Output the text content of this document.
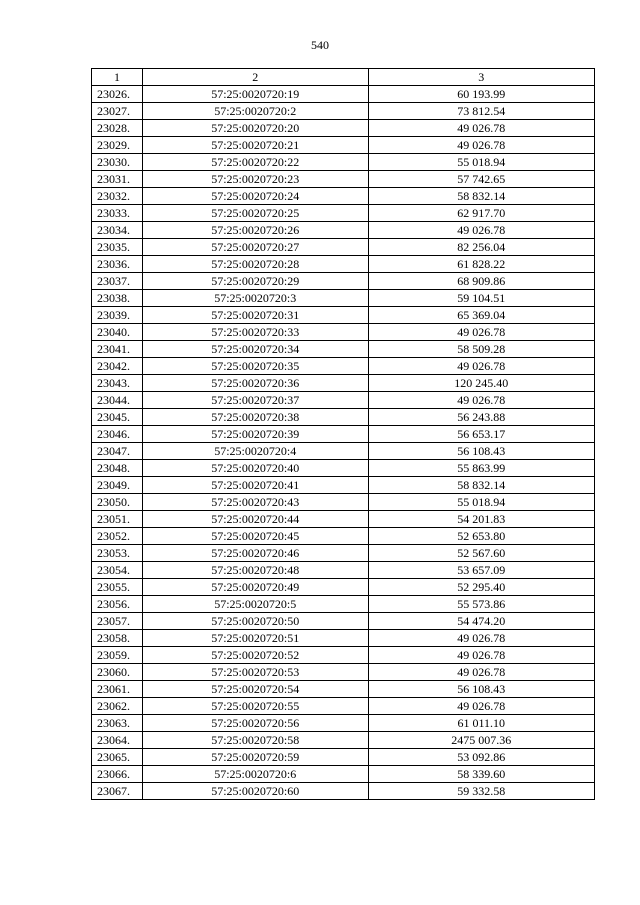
540
1	2	3
23026.	57:25:0020720:19	60 193.99
23027.	57:25:0020720:2	73 812.54
23028.	57:25:0020720:20	49 026.78
23029.	57:25:0020720:21	49 026.78
23030.	57:25:0020720:22	55 018.94
23031.	57:25:0020720:23	57 742.65
23032.	57:25:0020720:24	58 832.14
23033.	57:25:0020720:25	62 917.70
23034.	57:25:0020720:26	49 026.78
23035.	57:25:0020720:27	82 256.04
23036.	57:25:0020720:28	61 828.22
23037.	57:25:0020720:29	68 909.86
23038.	57:25:0020720:3	59 104.51
23039.	57:25:0020720:31	65 369.04
23040.	57:25:0020720:33	49 026.78
23041.	57:25:0020720:34	58 509.28
23042.	57:25:0020720:35	49 026.78
23043.	57:25:0020720:36	120 245.40
23044.	57:25:0020720:37	49 026.78
23045.	57:25:0020720:38	56 243.88
23046.	57:25:0020720:39	56 653.17
23047.	57:25:0020720:4	56 108.43
23048.	57:25:0020720:40	55 863.99
23049.	57:25:0020720:41	58 832.14
23050.	57:25:0020720:43	55 018.94
23051.	57:25:0020720:44	54 201.83
23052.	57:25:0020720:45	52 653.80
23053.	57:25:0020720:46	52 567.60
23054.	57:25:0020720:48	53 657.09
23055.	57:25:0020720:49	52 295.40
23056.	57:25:0020720:5	55 573.86
23057.	57:25:0020720:50	54 474.20
23058.	57:25:0020720:51	49 026.78
23059.	57:25:0020720:52	49 026.78
23060.	57:25:0020720:53	49 026.78
23061.	57:25:0020720:54	56 108.43
23062.	57:25:0020720:55	49 026.78
23063.	57:25:0020720:56	61 011.10
23064.	57:25:0020720:58	2475 007.36
23065.	57:25:0020720:59	53 092.86
23066.	57:25:0020720:6	58 339.60
23067.	57:25:0020720:60	59 332.58
